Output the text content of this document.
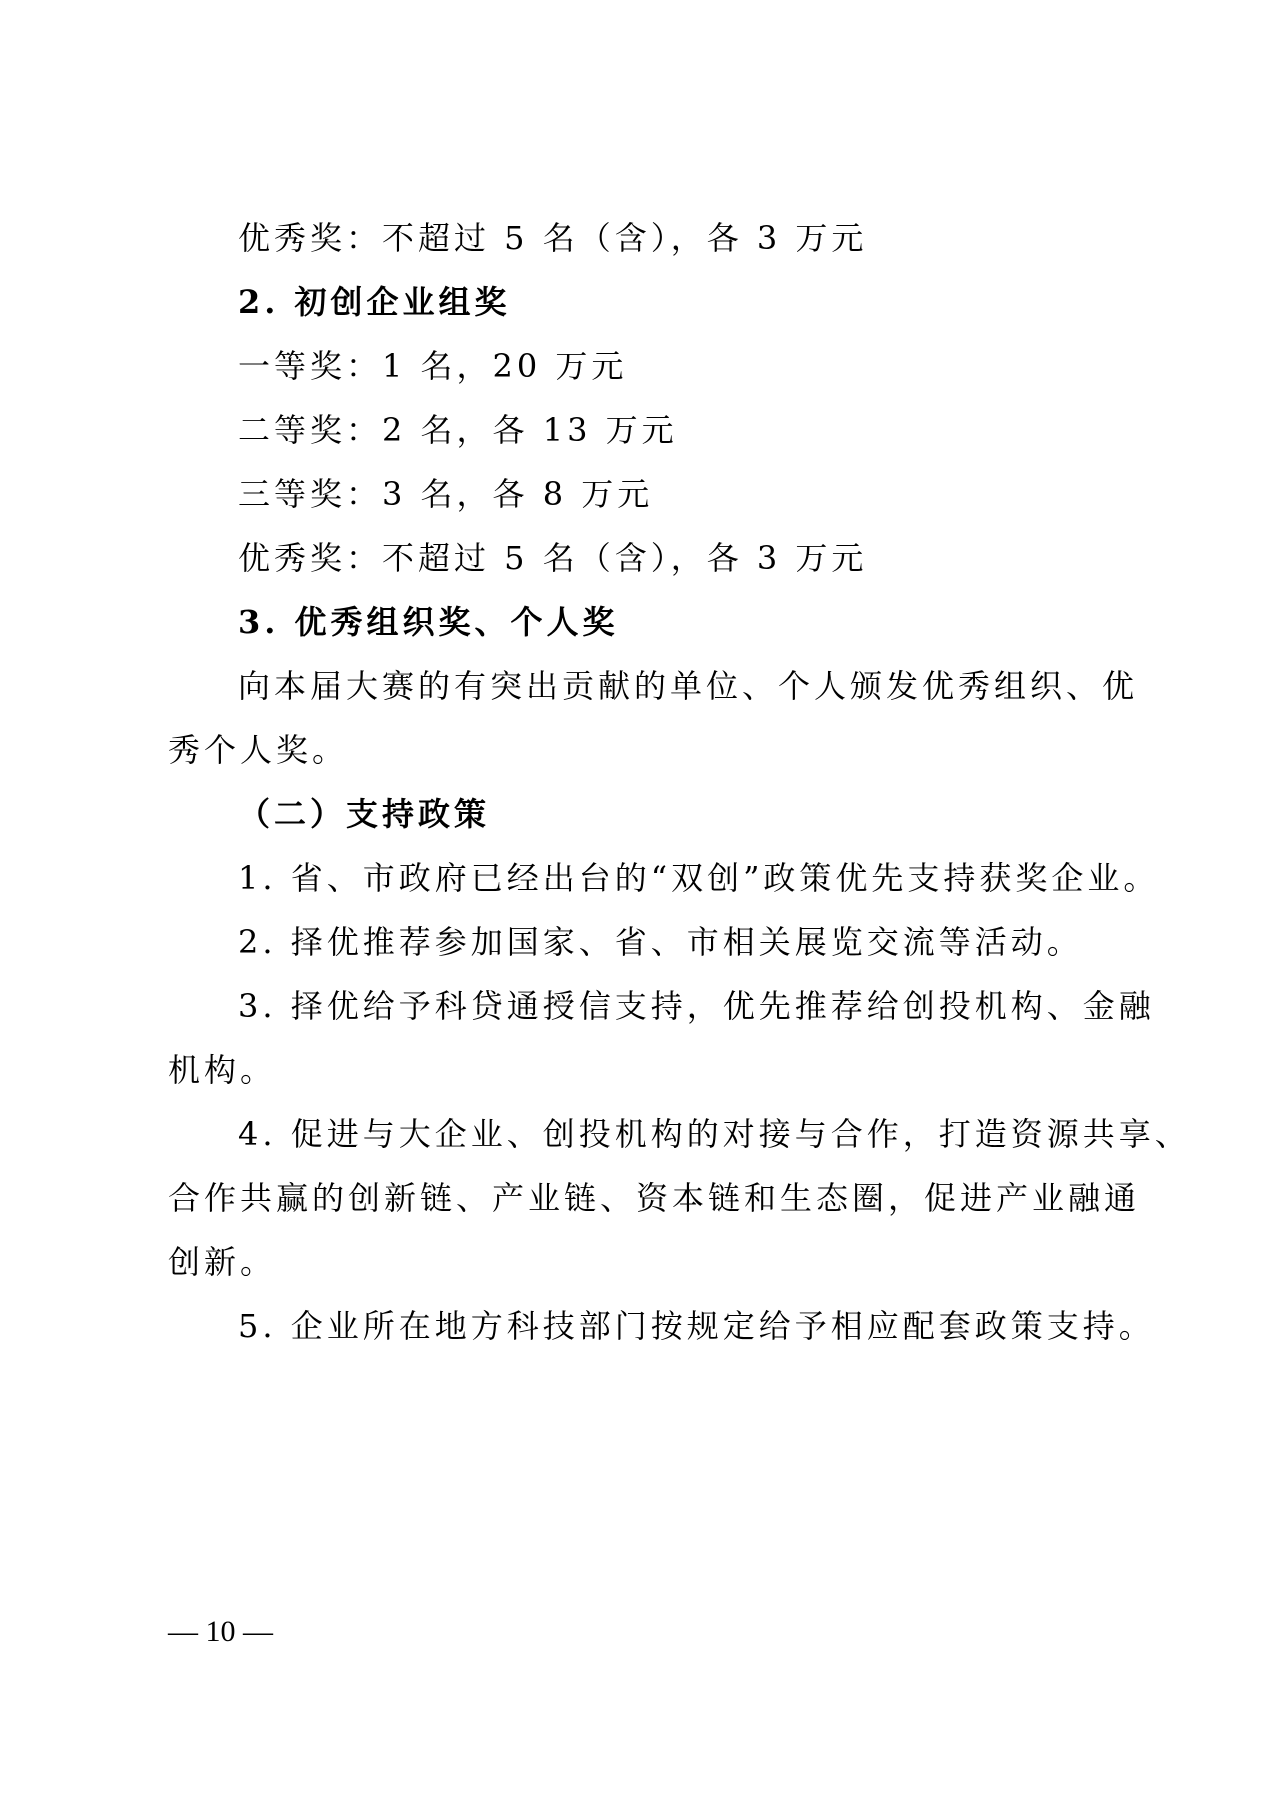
优秀奖：不超过 5 名（含），各 3 万元
2. 初创企业组奖
一等奖：1 名，20 万元
二等奖：2 名，各 13 万元
三等奖：3 名，各 8 万元
优秀奖：不超过 5 名（含），各 3 万元
3. 优秀组织奖、个人奖
向本届大赛的有突出贡献的单位、个人颁发优秀组织、优
秀个人奖。
（二）支持政策
1. 省、市政府已经出台的“双创”政策优先支持获奖企业。
2. 择优推荐参加国家、省、市相关展览交流等活动。
3. 择优给予科贷通授信支持，优先推荐给创投机构、金融
机构。
4. 促进与大企业、创投机构的对接与合作，打造资源共享、
合作共赢的创新链、产业链、资本链和生态圈，促进产业融通
创新。
5. 企业所在地方科技部门按规定给予相应配套政策支持。
— 10 —
